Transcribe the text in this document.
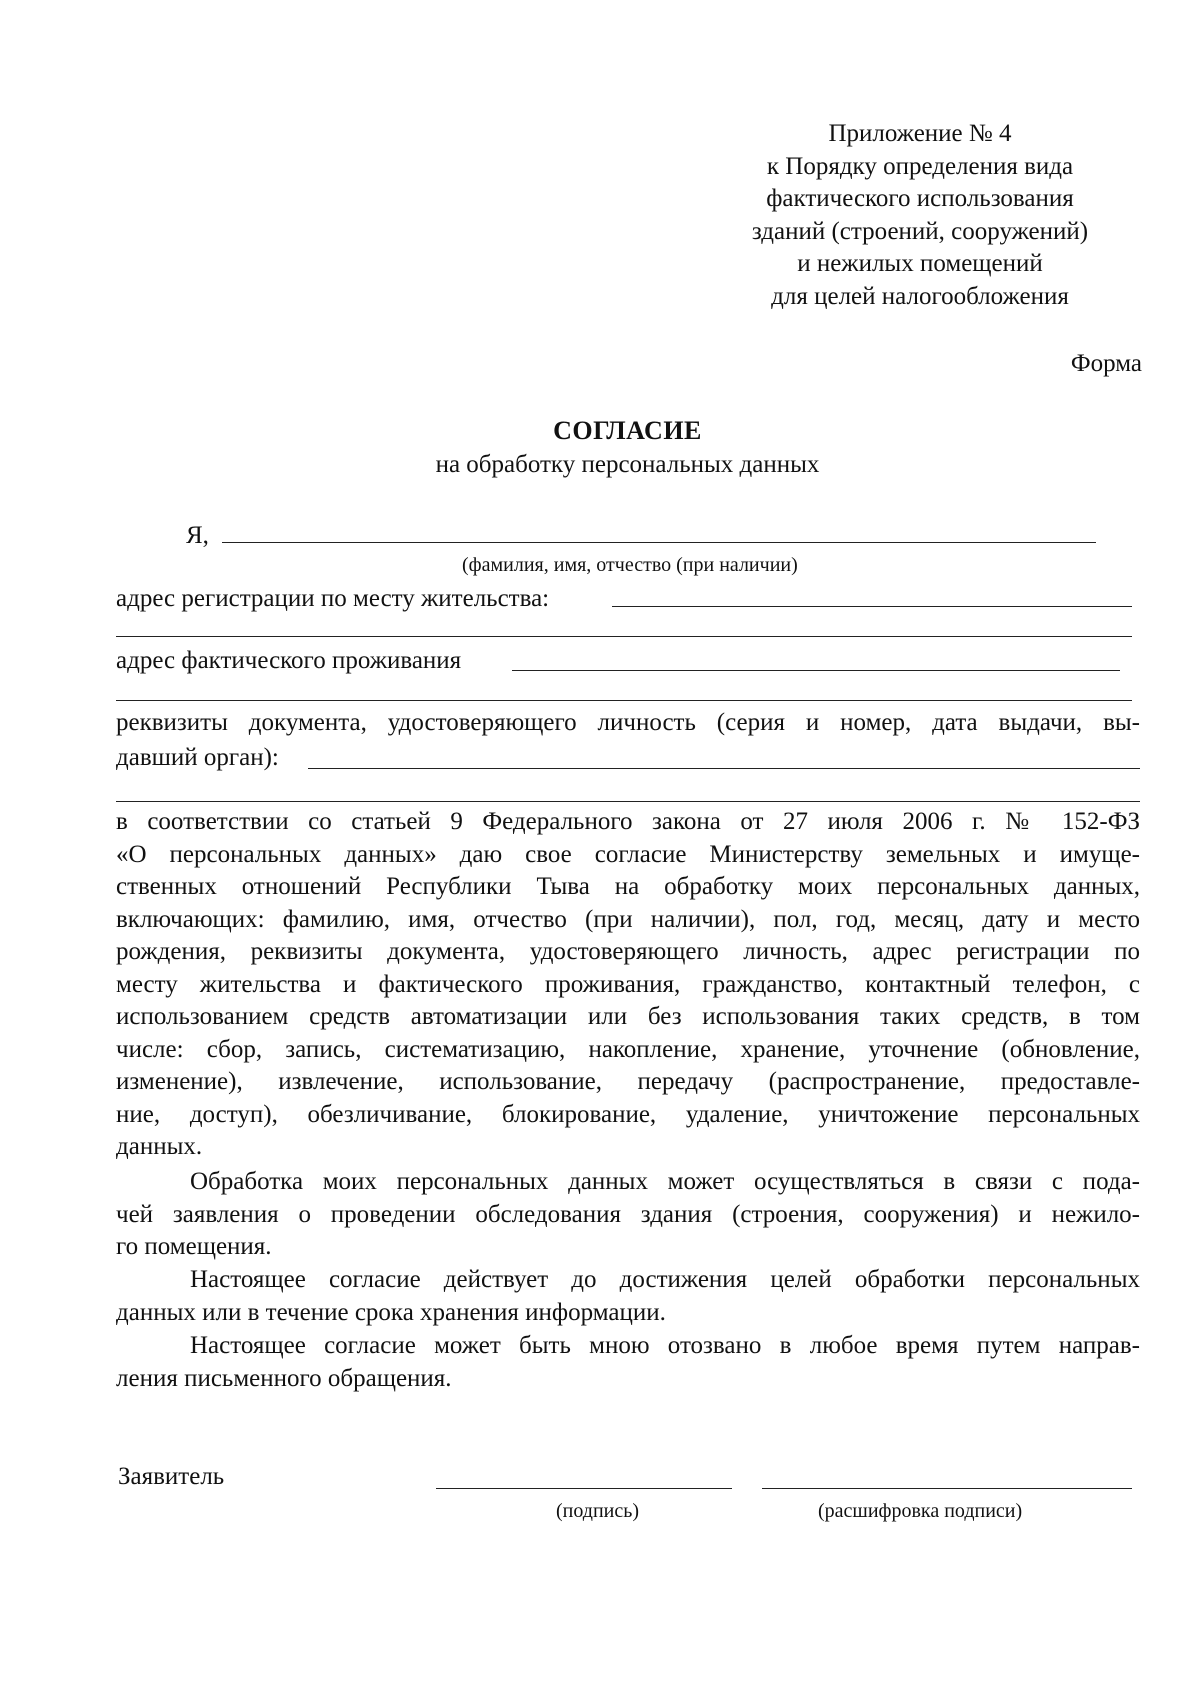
Приложение № 4
к Порядку определения вида
фактического использования
зданий (строений, сооружений)
и нежилых помещений
для целей налогообложения
Форма
СОГЛАСИЕ
на обработку персональных данных
Я,
(фамилия, имя, отчество (при наличии)
адрес регистрации по месту жительства:
адрес фактического проживания
реквизиты документа, удостоверяющего личность (серия и номер, дата выдачи, вы-
давший орган):
в соответствии со статьей 9 Федерального закона от 27 июля 2006 г. № 152-ФЗ
«О персональных данных» даю свое согласие Министерству земельных и имуще-
ственных отношений Республики Тыва на обработку моих персональных данных,
включающих: фамилию, имя, отчество (при наличии), пол, год, месяц, дату и место
рождения, реквизиты документа, удостоверяющего личность, адрес регистрации по
месту жительства и фактического проживания, гражданство, контактный телефон, с
использованием средств автоматизации или без использования таких средств, в том
числе: сбор, запись, систематизацию, накопление, хранение, уточнение (обновление,
изменение), извлечение, использование, передачу (распространение, предоставле-
ние, доступ), обезличивание, блокирование, удаление, уничтожение персональных
данных.
Обработка моих персональных данных может осуществляться в связи с пода-
чей заявления о проведении обследования здания (строения, сооружения) и нежило-
го помещения.
Настоящее согласие действует до достижения целей обработки персональных
данных или в течение срока хранения информации.
Настоящее согласие может быть мною отозвано в любое время путем направ-
ления письменного обращения.
Заявитель
(подпись)	(расшифровка подписи)
